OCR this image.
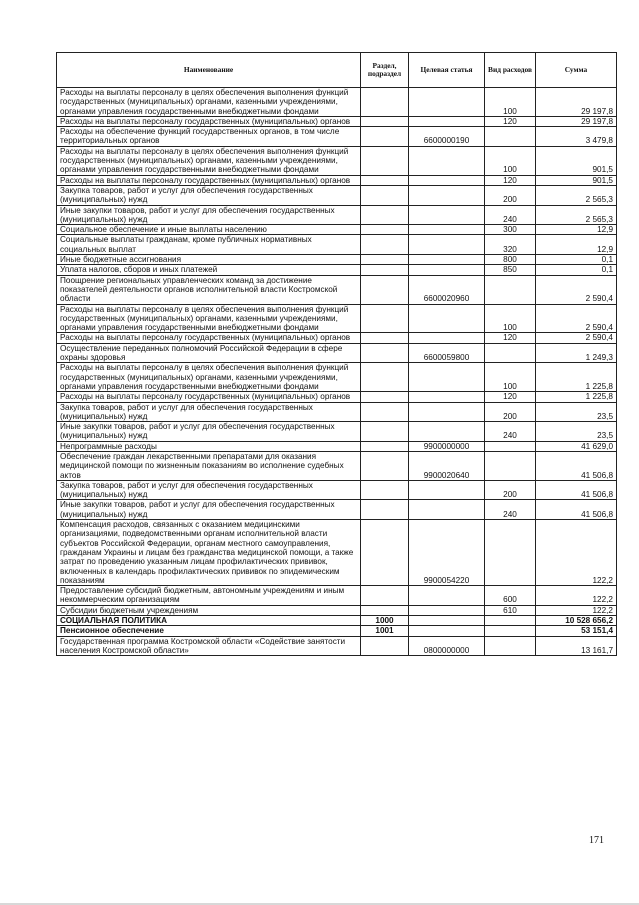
Наименование	Раздел, подраздел	Целевая статья	Вид расходов	Сумма
Расходы на выплаты персоналу в целях обеспечения выполнения функций государственных (муниципальных) органами, казенными учреждениями, органами управления государственными внебюджетными фондами			100	29 197,8
Расходы на выплаты персоналу государственных (муниципальных) органов			120	29 197,8
Расходы на обеспечение функций государственных органов, в том числе территориальных органов		6600000190		3 479,8
Расходы на выплаты персоналу в целях обеспечения выполнения функций государственных (муниципальных) органами, казенными учреждениями, органами управления государственными внебюджетными фондами			100	901,5
Расходы на выплаты персоналу государственных (муниципальных) органов			120	901,5
Закупка товаров, работ и услуг для обеспечения государственных (муниципальных) нужд			200	2 565,3
Иные закупки товаров, работ и услуг для обеспечения государственных (муниципальных) нужд			240	2 565,3
Социальное обеспечение и иные выплаты населению			300	12,9
Социальные выплаты гражданам, кроме публичных нормативных социальных выплат			320	12,9
Иные бюджетные ассигнования			800	0,1
Уплата налогов, сборов и иных платежей			850	0,1
Поощрение региональных управленческих команд за достижение показателей деятельности органов исполнительной власти Костромской области		6600020960		2 590,4
Расходы на выплаты персоналу в целях обеспечения выполнения функций государственных (муниципальных) органами, казенными учреждениями, органами управления государственными внебюджетными фондами			100	2 590,4
Расходы на выплаты персоналу государственных (муниципальных) органов			120	2 590,4
Осуществление переданных полномочий Российской Федерации в сфере охраны здоровья		6600059800		1 249,3
Расходы на выплаты персоналу в целях обеспечения выполнения функций государственных (муниципальных) органами, казенными учреждениями, органами управления государственными внебюджетными фондами			100	1 225,8
Расходы на выплаты персоналу государственных (муниципальных) органов			120	1 225,8
Закупка товаров, работ и услуг для обеспечения государственных (муниципальных) нужд			200	23,5
Иные закупки товаров, работ и услуг для обеспечения государственных (муниципальных) нужд			240	23,5
Непрограммные расходы		9900000000		41 629,0
Обеспечение граждан лекарственными препаратами для оказания медицинской помощи по жизненным показаниям во исполнение судебных актов		9900020640		41 506,8
Закупка товаров, работ и услуг для обеспечения государственных (муниципальных) нужд			200	41 506,8
Иные закупки товаров, работ и услуг для обеспечения государственных (муниципальных) нужд			240	41 506,8
Компенсация расходов, связанных с оказанием медицинскими организациями, подведомственными органам исполнительной власти субъектов Российской Федерации, органам местного самоуправления, гражданам Украины и лицам без гражданства медицинской помощи, а также затрат по проведению указанным лицам профилактических прививок, включенных в календарь профилактических прививок по эпидемическим показаниям		9900054220		122,2
Предоставление субсидий бюджетным, автономным учреждениям и иным некоммерческим организациям			600	122,2
Субсидии бюджетным учреждениям			610	122,2
СОЦИАЛЬНАЯ ПОЛИТИКА	1000			10 528 656,2
Пенсионное обеспечение	1001			53 151,4
Государственная программа Костромской области «Содействие занятости населения Костромской области»		0800000000		13 161,7
171
